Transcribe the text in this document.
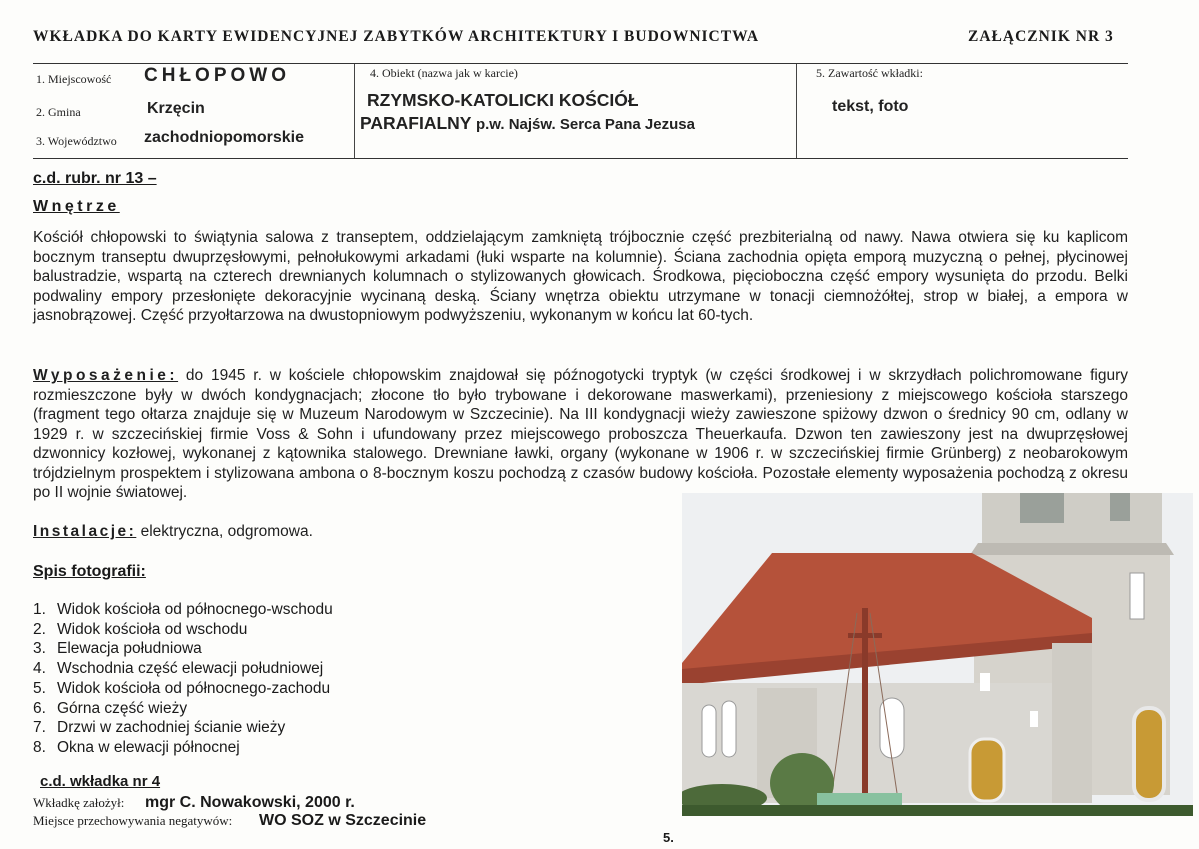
WKŁADKA DO KARTY EWIDENCYJNEJ ZABYTKÓW ARCHITEKTURY I BUDOWNICTWA	ZAŁĄCZNIK NR 3
1. Miejscowość CHŁOPOWO
2. Gmina	Krzęcin
3. Województwo zachodniopomorskie
4. Obiekt (nazwa jak w karcie)
RZYMSKO-KATOLICKI KOŚCIÓŁ
PARAFIALNY p.w. Najśw. Serca Pana Jezusa
5. Zawartość wkładki:
tekst, foto
c.d. rubr. nr 13 –
Wnętrze
Kościół chłopowski to świątynia salowa z transeptem, oddzielającym zamkniętą trójbocznie część prezbiterialną od nawy. Nawa otwiera się ku kaplicom bocznym transeptu dwuprzęsłowymi, pełnołukowymi arkadami (łuki wsparte na kolumnie). Ściana zachodnia opięta emporą muzyczną o pełnej, płycinowej balustradzie, wspartą na czterech drewnianych kolumnach o stylizowanych głowicach. Środkowa, pięcioboczna część empory wysunięta do przodu. Belki podwaliny empory przesłonięte dekoracyjnie wycinaną deską. Ściany wnętrza obiektu utrzymane w tonacji ciemnożółtej, strop w białej, a empora w jasnobrązowej. Część przyołtarzowa na dwustopniowym podwyższeniu, wykonanym w końcu lat 60-tych.
Wyposażenie: do 1945 r. w kościele chłopowskim znajdował się późnogotycki tryptyk (w części środkowej i w skrzydłach polichromowane figury rozmieszczone były w dwóch kondygnacjach; złocone tło było trybowane i dekorowane maswerkami), przeniesiony z miejscowego kościoła starszego (fragment tego ołtarza znajduje się w Muzeum Narodowym w Szczecinie). Na III kondygnacji wieży zawieszone spiżowy dzwon o średnicy 90 cm, odlany w 1929 r. w szczecińskiej firmie Voss & Sohn i ufundowany przez miejscowego proboszcza Theuerkaufa. Dzwon ten zawieszony jest na dwuprzęsłowej dzwonnicy kozłowej, wykonanej z kątownika stalowego. Drewniane ławki, organy (wykonane w 1906 r. w szczecińskiej firmie Grünberg) z neobarokowym trójdzielnym prospektem i stylizowana ambona o 8-bocznym koszu pochodzą z czasów budowy kościoła. Pozostałe elementy wyposażenia pochodzą z okresu po II wojnie światowej.
Instalacje: elektryczna, odgromowa.
Spis fotografii:
1. Widok kościoła od północnego-wschodu
2. Widok kościoła od wschodu
3. Elewacja południowa
4. Wschodnia część elewacji południowej
5. Widok kościoła od północnego-zachodu
6. Górna część wieży
7. Drzwi w zachodniej ścianie wieży
8. Okna w elewacji północnej
c.d. wkładka nr 4
Wkładkę założył: mgr C. Nowakowski, 2000 r.
Miejsce przechowywania negatywów: WO SOZ w Szczecinie
5.
